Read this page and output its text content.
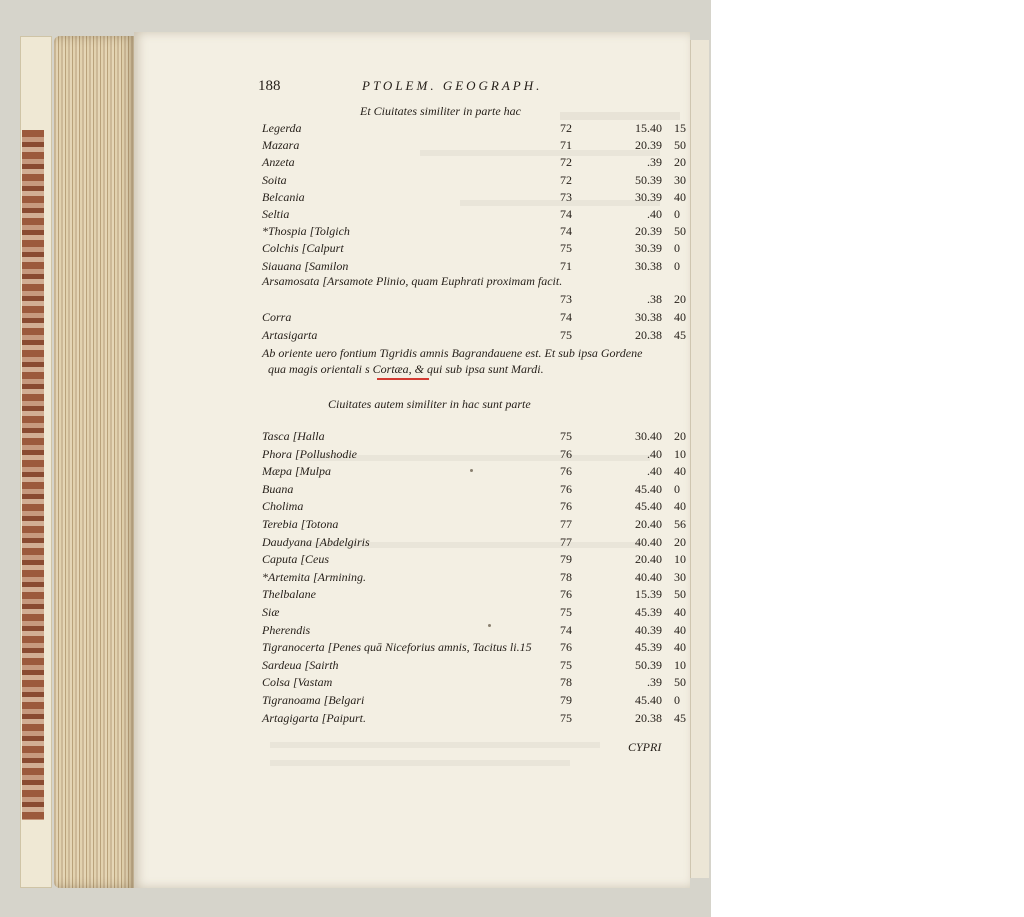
188	PTOLEM. GEOGRAPH.
Et Ciuitates similiter in parte hac
Legerda	72	15.40 15
Mazara	71	20.39 50
Anzeta	72	.39 20
Soita	72	50.39 30
Belcania	73	30.39 40
Seltia	74	.40 0
*Thospia [Tolgich	74	20.39 50
Colchis [Calpurt	75	30.39 0
Siauana [Samilon	71	30.38 0
Arsamosata [Arsamote Plinio, quam Euphrati proximam facit.
73	.38 20
Corra	74	30.38 40
Artasigarta	75	20.38 45
Ab oriente uero fontium Tigridis amnis Bagrandauene est. Et sub ipsa Gordene
qua magis orientali s Cortæa, & qui sub ipsa sunt Mardi.
Ciuitates autem similiter in hac sunt parte
Tasca [Halla	75	30.40 20
Phora [Pollushodie	76	.40 10
Mæpa [Mulpa	76	.40 40
Buana	76	45.40 0
Cholima	76	45.40 40
Terebia [Totona	77	20.40 56
Daudyana [Abdelgiris	77	40.40 20
Caputa [Ceus	79	20.40 10
*Artemita [Armining.	78	40.40 30
Thelbalane	76	15.39 50
Siæ	75	45.39 40
Pherendis	74	40.39 40
Tigranocerta [Penes quā Niceforius amnis, Tacitus li.15 76	45.39 40
Sardeua [Sairth	75	50.39 10
Colsa [Vastam	78	.39 50
Tigranoama [Belgari	79	45.40 0
Artagigarta [Paipurt.	75	20.38 45
CYPRI
